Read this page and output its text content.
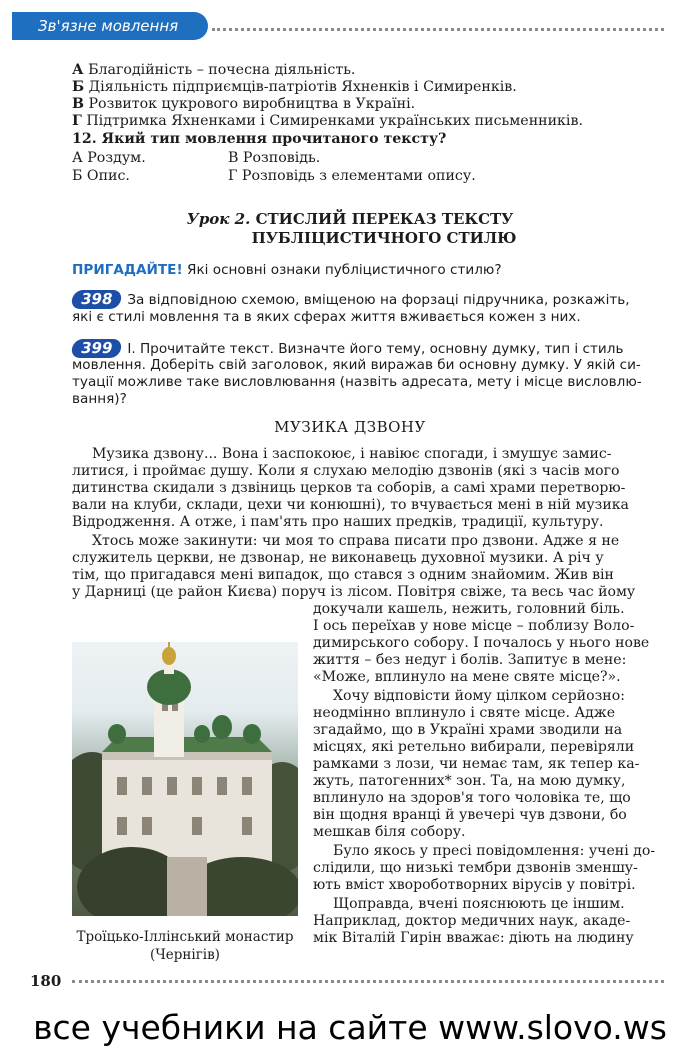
Зв'язне мовлення
А Благодійність – почесна діяльність.
Б Діяльність підприємців-патріотів Яхненків і Симиренків.
В Розвиток цукрового виробництва в Україні.
Г Підтримка Яхненками і Симиренками українських письменників.
12. Який тип мовлення прочитаного тексту?
А Роздум.	В Розповідь.
Б Опис.	Г Розповідь з елементами опису.
Урок 2. СТИСЛИЙ ПЕРЕКАЗ ТЕКСТУ
ПУБЛІЦИСТИЧНОГО СТИЛЮ
ПРИГАДАЙТЕ! Які основні ознаки публіцистичного стилю?
398 За відповідною схемою, вміщеною на форзаці підручника, розкажіть,
які є стилі мовлення та в яких сферах життя вживається кожен з них.
399 І. Прочитайте текст. Визначте його тему, основну думку, тип і стиль
мовлення. Доберіть свій заголовок, який виражав би основну думку. У якій си-
туації можливе таке висловлювання (назвіть адресата, мету і місце висловлю-
вання)?
МУЗИКА ДЗВОНУ
Музика дзвону... Вона і заспокоює, і навіює спогади, і змушує замис-
литися, і проймає душу. Коли я слухаю мелодію дзвонів (які з часів мого
дитинства скидали з дзвіниць церков та соборів, а самі храми перетворю-
вали на клуби, склади, цехи чи конюшні), то вчувається мені в ній музика
Відродження. А отже, і пам'ять про наших предків, традиції, культуру.
Хтось може закинути: чи моя то справа писати про дзвони. Адже я не
служитель церкви, не дзвонар, не виконавець духовної музики. А річ у
тім, що пригадався мені випадок, що стався з одним знайомим. Жив він
у Дарниці (це район Києва) поруч із лісом. Повітря свіже, та весь час йому
докучали кашель, нежить, головний біль.
І ось переїхав у нове місце – поблизу Воло-
димирського собору. І почалось у нього нове
життя – без недуг і болів. Запитує в мене:
«Може, вплинуло на мене святе місце?».
Хочу відповісти йому цілком серйозно:
неодмінно вплинуло і святе місце. Адже
згадаймо, що в Україні храми зводили на
місцях, які ретельно вибирали, перевіряли
рамками з лози, чи немає там, як тепер ка-
жуть, патогенних* зон. Та, на мою думку,
вплинуло на здоров'я того чоловіка те, що
він щодня вранці й увечері чув дзвони, бо
мешкав біля собору.
Було якось у пресі повідомлення: учені до-
слідили, що низькі тембри дзвонів зменшу-
ють вміст хвороботворних вірусів у повітрі.
Щоправда, вчені пояснюють це іншим.
Наприклад, доктор медичних наук, акаде-
мік Віталій Гирін вважає: діють на людину
Троїцько-Іллінський монастир
(Чернігів)
180
все учебники на сайте www.slovo.ws
